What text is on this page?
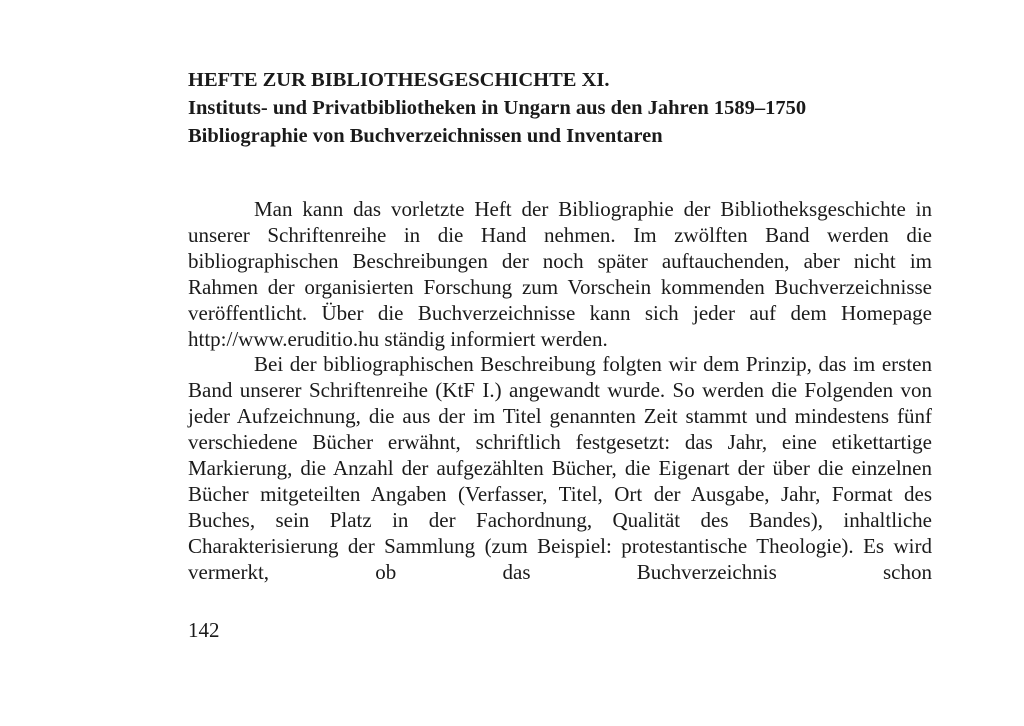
HEFTE ZUR BIBLIOTHESGESCHICHTE XI.
Instituts- und Privatbibliotheken in Ungarn aus den Jahren 1589–1750
Bibliographie von Buchverzeichnissen und Inventaren

Man kann das vorletzte Heft der Bibliographie der Bibliotheksgeschichte in unserer Schriftenreihe in die Hand nehmen. Im zwölften Band werden die bibliographischen Beschreibungen der noch später auftauchenden, aber nicht im Rahmen der organisierten Forschung zum Vorschein kommenden Buchverzeichnisse veröffentlicht. Über die Buchverzeichnisse kann sich jeder auf dem Homepage http://www.eruditio.hu ständig informiert werden.

Bei der bibliographischen Beschreibung folgten wir dem Prinzip, das im ersten Band unserer Schriftenreihe (KtF I.) angewandt wurde. So werden die Folgenden von jeder Aufzeichnung, die aus der im Titel genannten Zeit stammt und mindestens fünf verschiedene Bücher erwähnt, schriftlich festgesetzt: das Jahr, eine etikettartige Markierung, die Anzahl der aufgezählten Bücher, die Eigenart der über die einzelnen Bücher mitgeteilten Angaben (Verfasser, Titel, Ort der Ausgabe, Jahr, Format des Buches, sein Platz in der Fachordnung, Qualität des Bandes), inhaltliche Charakterisierung der Sammlung (zum Beispiel: protestantische Theologie). Es wird vermerkt, ob das Buchverzeichnis schon

142
